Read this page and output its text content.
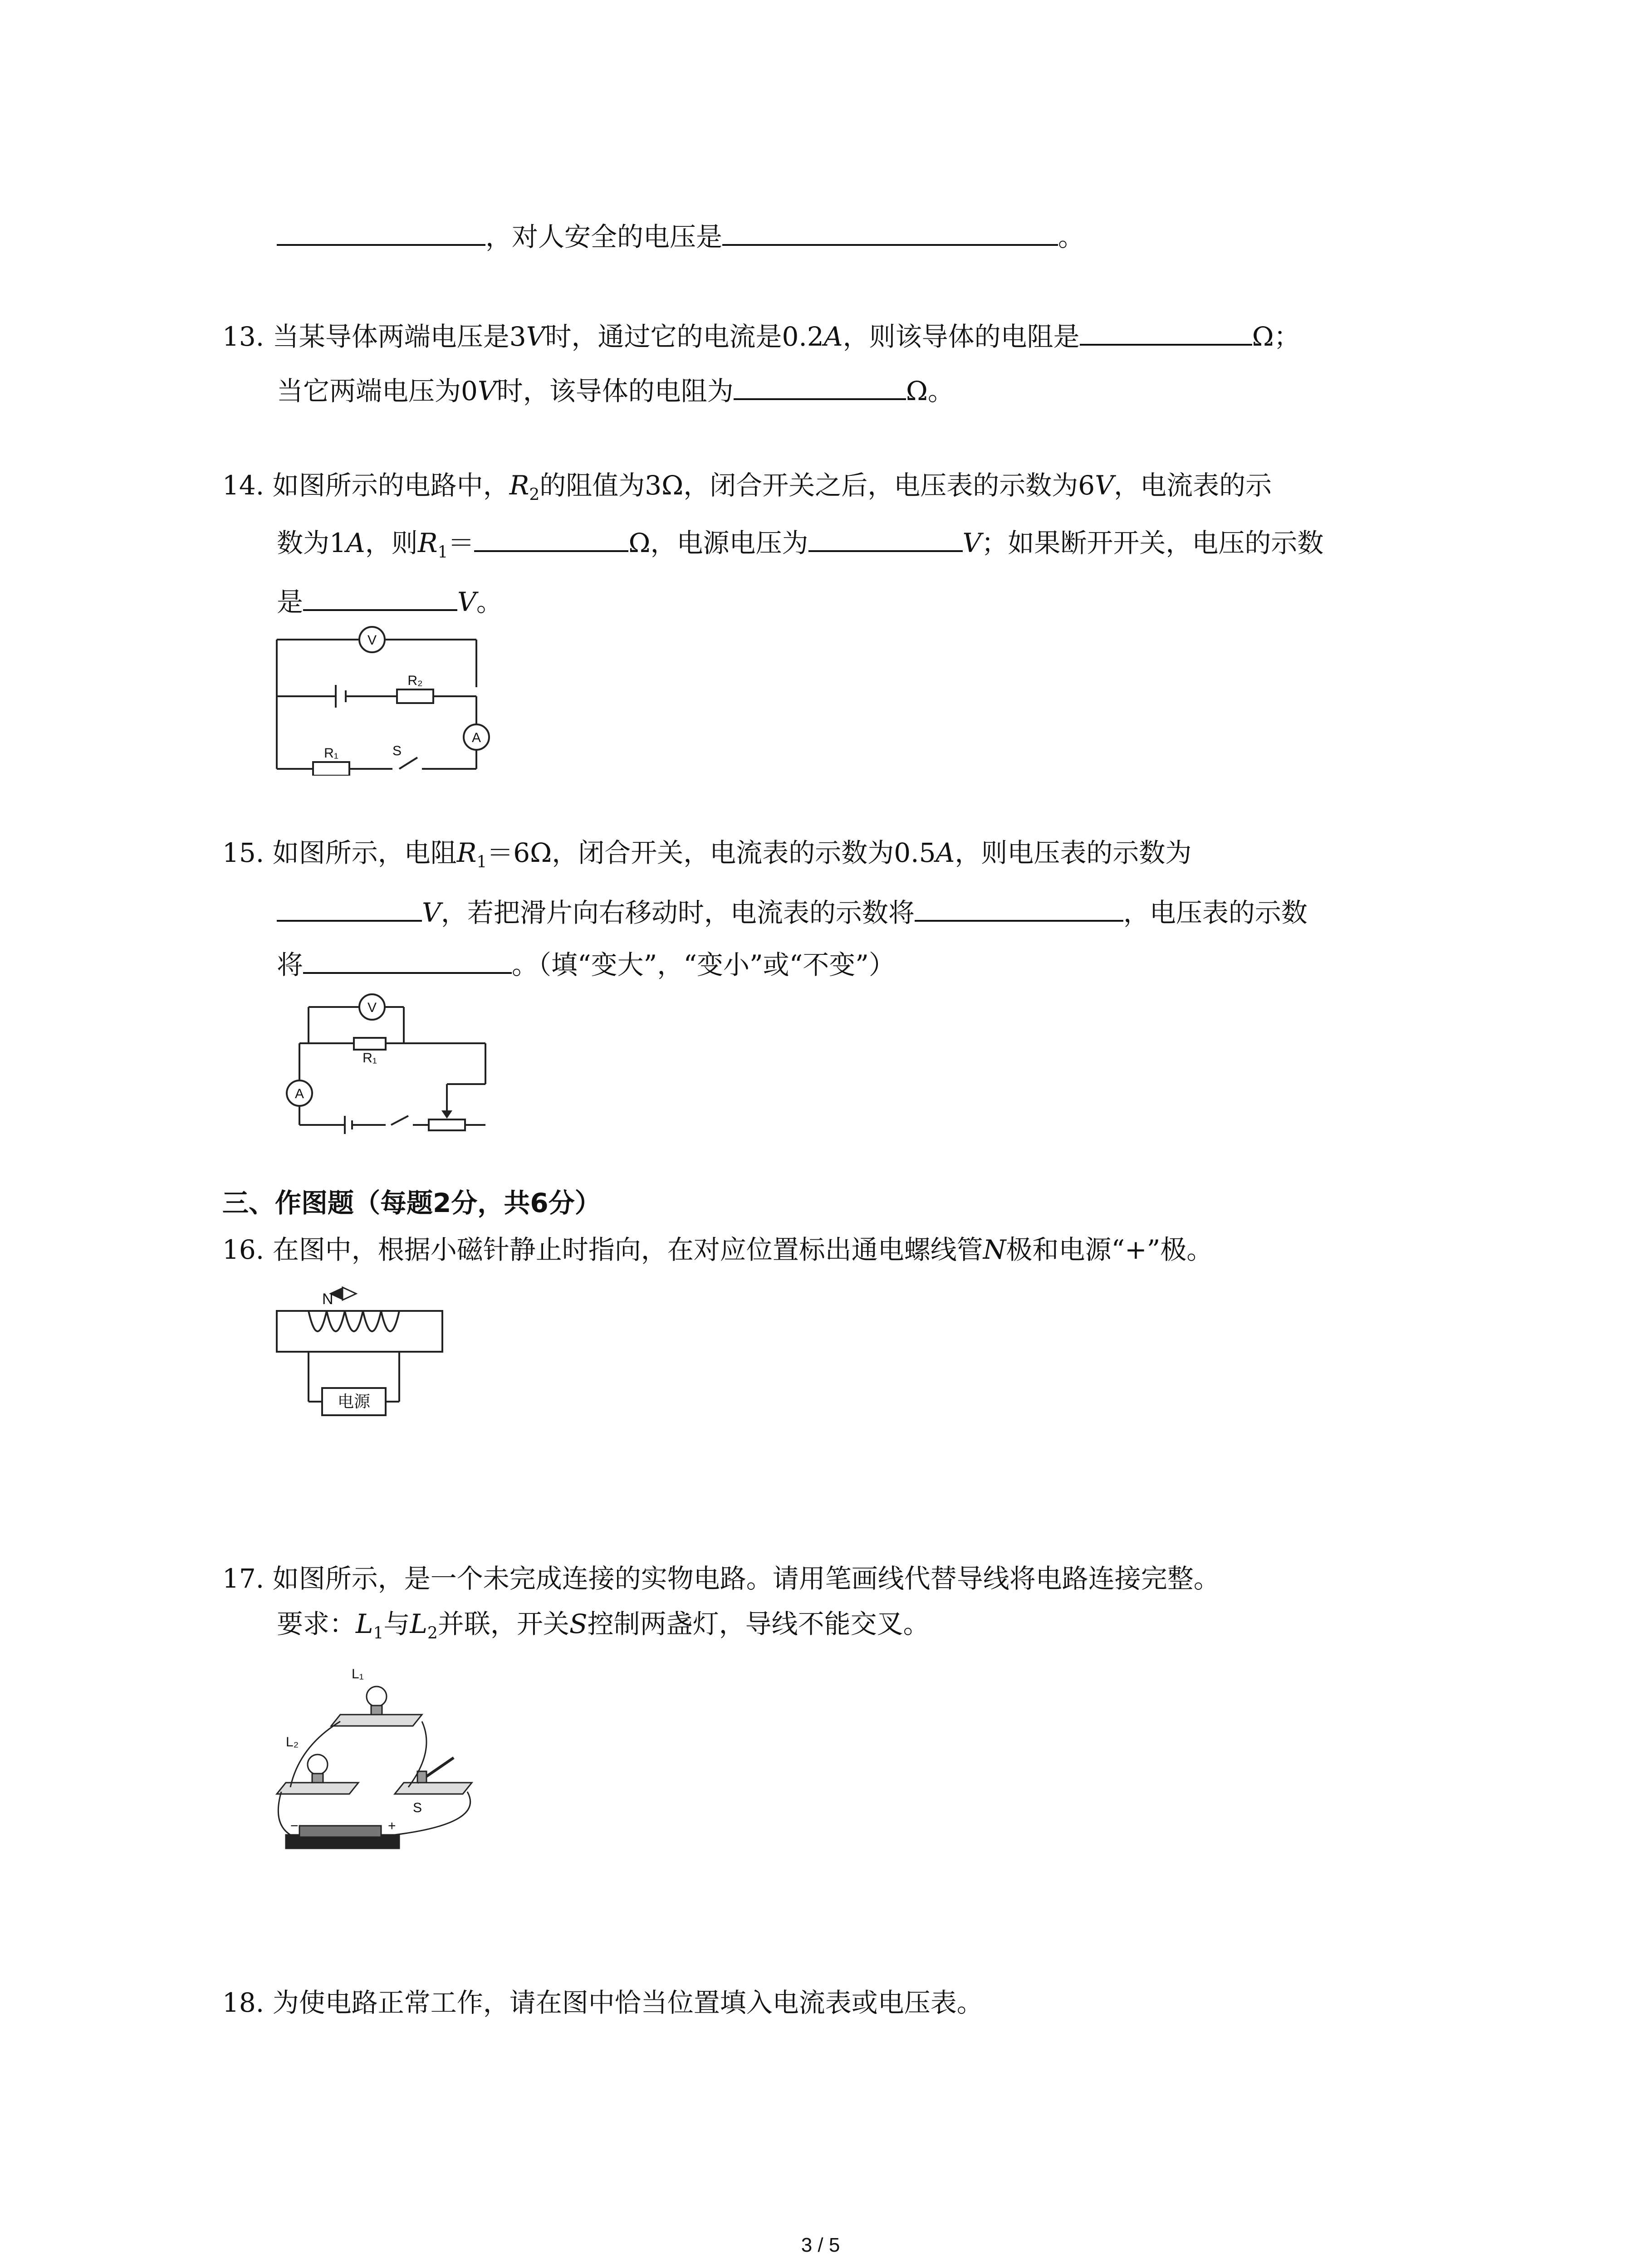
，对人安全的电压是	。
13. 当某导体两端电压是3V时，通过它的电流是0.2A，则该导体的电阻是	Ω；
当它两端电压为0V时，该导体的电阻为	Ω。
14. 如图所示的电路中，$R_2$的阻值为3Ω，闭合开关之后，电压表的示数为6V，电流表的示
数为1A，则$R_1=$	Ω，电源电压为	V；如果断开开关，电压的示数
是	V。
V
A
R₂
R₁	S
15. 如图所示，电阻$R_1=6\Omega$，闭合开关，电流表的示数为0.5A，则电压表的示数为
V，若把滑片向右移动时，电流表的示数将	，电压表的示数
将	。（填“变大”，“变小”或“不变”）
V
A
R₁
三、作图题（每题2分，共6分）
16. 在图中，根据小磁针静止时指向，在对应位置标出通电螺线管N极和电源“+”极。
N
电源
17. 如图所示，是一个未完成连接的实物电路。请用笔画线代替导线将电路连接完整。
要求：$L_1$与$L_2$并联，开关S控制两盏灯，导线不能交叉。
L₁
L₂
S
−	+
18. 为使电路正常工作，请在图中恰当位置填入电流表或电压表。
3 / 5
